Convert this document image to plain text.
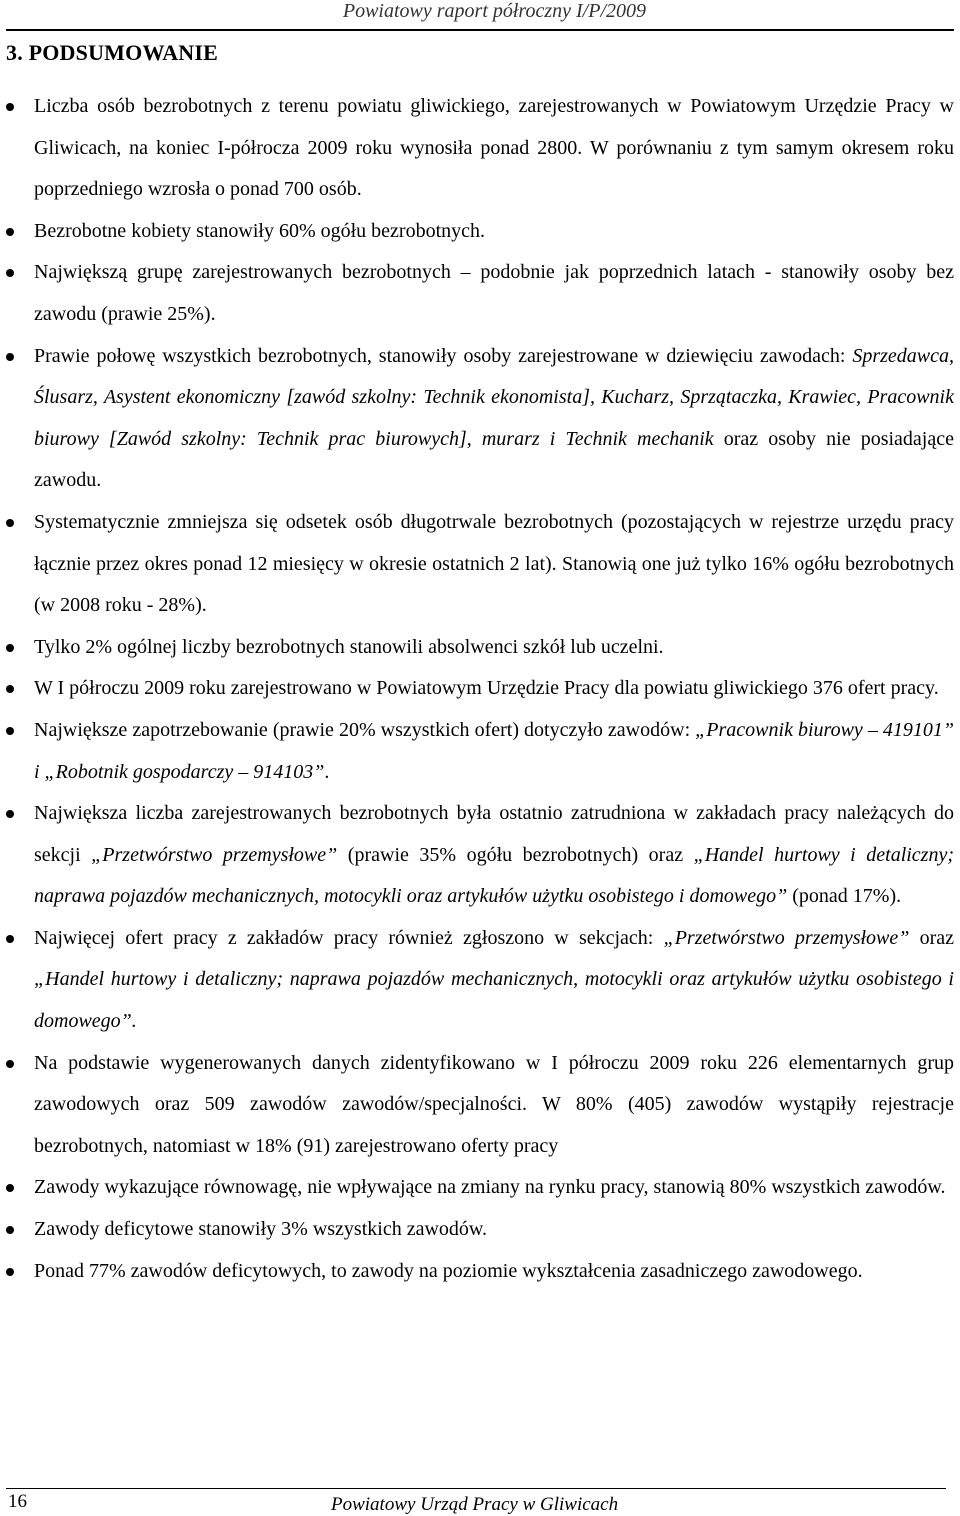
Powiatowy raport półroczny I/P/2009
3. PODSUMOWANIE
Liczba osób bezrobotnych z terenu powiatu gliwickiego, zarejestrowanych w Powiatowym Urzędzie Pracy w Gliwicach, na koniec I-półrocza 2009 roku wynosiła ponad 2800. W porównaniu z tym samym okresem roku poprzedniego wzrosła o ponad 700 osób.
Bezrobotne kobiety stanowiły 60% ogółu bezrobotnych.
Największą grupę zarejestrowanych bezrobotnych – podobnie jak poprzednich latach - stanowiły osoby bez zawodu (prawie 25%).
Prawie połowę wszystkich bezrobotnych, stanowiły osoby zarejestrowane w dziewięciu zawodach: Sprzedawca, Ślusarz, Asystent ekonomiczny [zawód szkolny: Technik ekonomista], Kucharz, Sprzątaczka, Krawiec, Pracownik biurowy [Zawód szkolny: Technik prac biurowych], murarz i Technik mechanik oraz osoby nie posiadające zawodu.
Systematycznie zmniejsza się odsetek osób długotrwale bezrobotnych (pozostających w rejestrze urzędu pracy łącznie przez okres ponad 12 miesięcy w okresie ostatnich 2 lat). Stanowią one już tylko 16% ogółu bezrobotnych (w 2008 roku - 28%).
Tylko 2% ogólnej liczby bezrobotnych stanowili absolwenci szkół lub uczelni.
W I półroczu 2009 roku zarejestrowano w Powiatowym Urzędzie Pracy dla powiatu gliwickiego 376 ofert pracy.
Największe zapotrzebowanie (prawie 20% wszystkich ofert) dotyczyło zawodów: „Pracownik biurowy – 419101” i „Robotnik gospodarczy – 914103”.
Największa liczba zarejestrowanych bezrobotnych była ostatnio zatrudniona w zakładach pracy należących do sekcji „Przetwórstwo przemysłowe” (prawie 35% ogółu bezrobotnych) oraz „Handel hurtowy i detaliczny; naprawa pojazdów mechanicznych, motocykli oraz artykułów użytku osobistego i domowego” (ponad 17%).
Najwięcej ofert pracy z zakładów pracy również zgłoszono w sekcjach: „Przetwórstwo przemysłowe” oraz „Handel hurtowy i detaliczny; naprawa pojazdów mechanicznych, motocykli oraz artykułów użytku osobistego i domowego”.
Na podstawie wygenerowanych danych zidentyfikowano w I półroczu 2009 roku 226 elementarnych grup zawodowych oraz 509 zawodów zawodów/specjalności. W 80% (405) zawodów wystąpiły rejestracje bezrobotnych, natomiast w 18% (91) zarejestrowano oferty pracy
Zawody wykazujące równowagę, nie wpływające na zmiany na rynku pracy, stanowią 80% wszystkich zawodów.
Zawody deficytowe stanowiły 3% wszystkich zawodów.
Ponad 77% zawodów deficytowych, to zawody na poziomie wykształcenia zasadniczego zawodowego.
16	Powiatowy Urząd Pracy w Gliwicach
